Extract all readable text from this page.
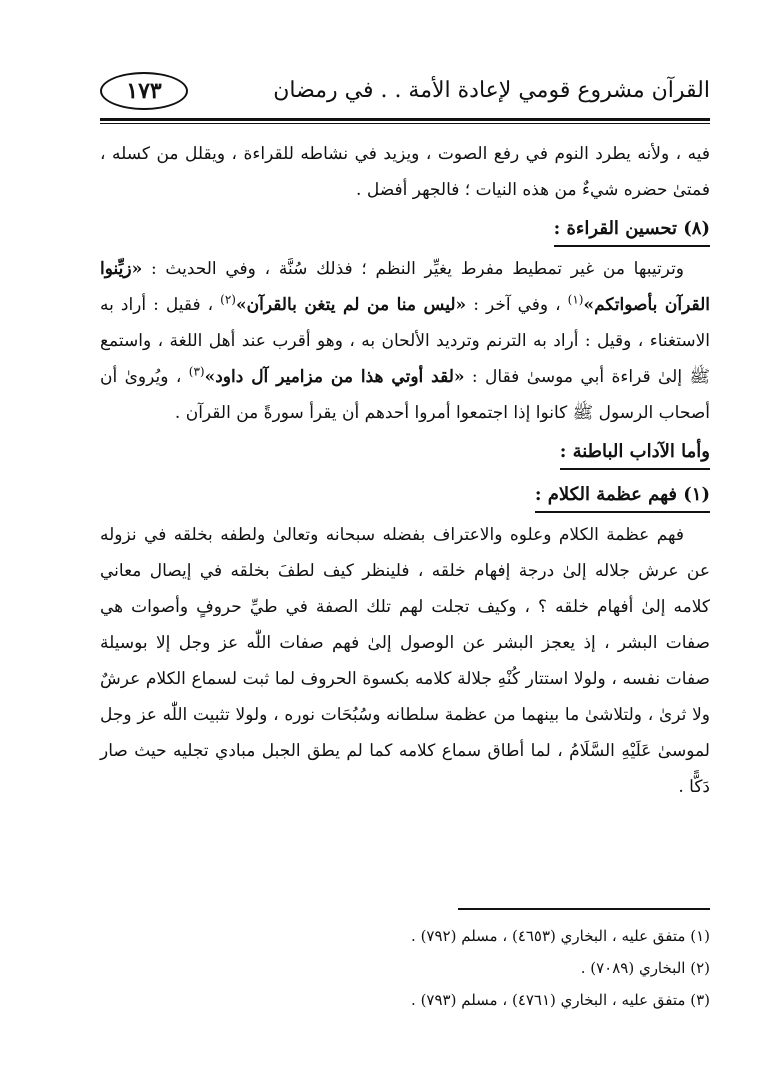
القرآن مشروع قومي لإعادة الأمة . . في رمضان
١٧٣

فيه ، ولأنه يطرد النوم في رفع الصوت ، ويزيد في نشاطه للقراءة ، ويقلل من كسله ، فمتىٰ حضره شيءٌ من هذه النيات ؛ فالجهر أفضل .

(٨) تحسين القراءة :

وترتيبها من غير تمطيط مفرط يغيِّر النظم ؛ فذلك سُنَّة ، وفي الحديث : «زيِّنوا القرآن بأصواتكم»$^{(١)}$ ، وفي آخر : «ليس منا من لم يتغن بالقرآن»$^{(٢)}$ ، فقيل : أراد به الاستغناء ، وقيل : أراد به الترنم وترديد الألحان به ، وهو أقرب عند أهل اللغة ، واستمع ﷺ إلىٰ قراءة أبي موسىٰ فقال : «لقد أوتي هذا من مزامير آل داود»$^{(٣)}$ ، ويُروىٰ أن أصحاب الرسول ﷺ كانوا إذا اجتمعوا أمروا أحدهم أن يقرأ سورةً من القرآن .

وأما الآداب الباطنة :
(١) فهم عظمة الكلام :

فهم عظمة الكلام وعلوه والاعتراف بفضله سبحانه وتعالىٰ ولطفه بخلقه في نزوله عن عرش جلاله إلىٰ درجة إفهام خلقه ، فلينظر كيف لطفَ بخلقه في إيصال معاني كلامه إلىٰ أفهام خلقه ؟ ، وكيف تجلت لهم تلك الصفة في طيِّ حروفٍ وأصوات هي صفات البشر ، إذ يعجز البشر عن الوصول إلىٰ فهم صفات اللّٰه عز وجل إلا بوسيلة صفات نفسه ، ولولا استتار كُنْهِ جلالة كلامه بكسوة الحروف لما ثبت لسماع الكلام عرشٌ ولا ثرىٰ ، ولتلاشىٰ ما بينهما من عظمة سلطانه وسُبُحَات نوره ، ولولا تثبيت اللّٰه عز وجل لموسىٰ عَلَيْهِ السَّلَامُ ، لما أطاق سماع كلامه كما لم يطق الجبل مبادي تجليه حيث صار دَكًّا .

(١) متفق عليه ، البخاري (٤٦٥٣) ، مسلم (٧٩٢) .
(٢) البخاري (٧٠٨٩) .
(٣) متفق عليه ، البخاري (٤٧٦١) ، مسلم (٧٩٣) .
